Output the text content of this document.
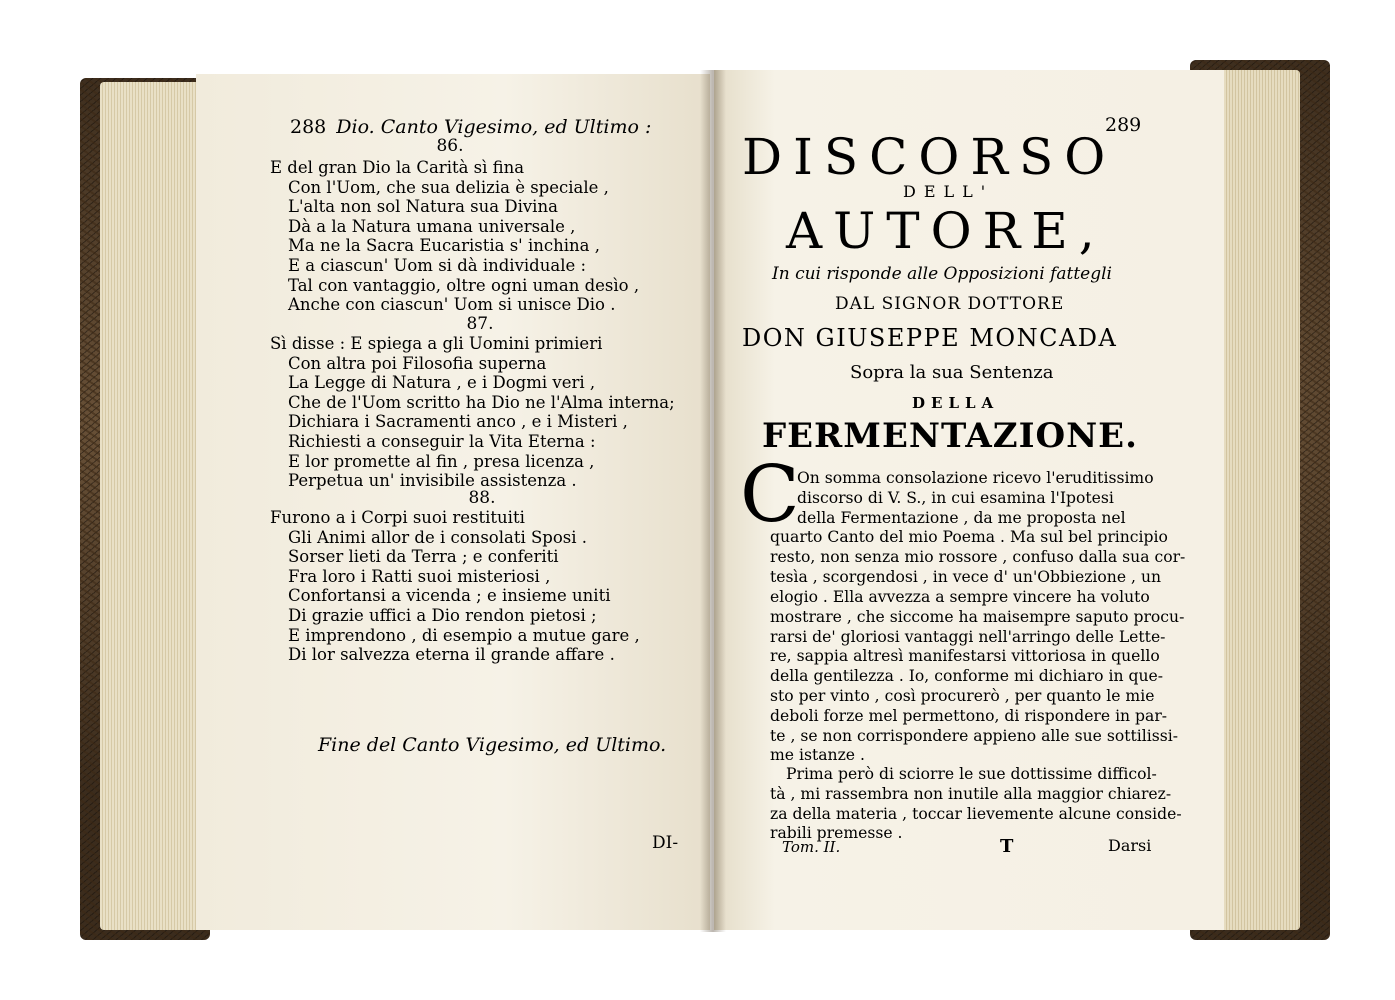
288 Dio. Canto Vigesimo, ed Ultimo :
86.
E del gran Dio la Carità sì fina
Con l'Uom, che sua delizia è speciale ,
L'alta non sol Natura sua Divina
Dà a la Natura umana universale ,
Ma ne la Sacra Eucaristia s' inchina ,
E a ciascun' Uom si dà individuale :
Tal con vantaggio, oltre ogni uman desìo ,
Anche con ciascun' Uom si unisce Dio .
87.
Sì disse : E spiega a gli Uomini primieri
Con altra poi Filosofia superna
La Legge di Natura , e i Dogmi veri ,
Che de l'Uom scritto ha Dio ne l'Alma interna;
Dichiara i Sacramenti anco , e i Misteri ,
Richiesti a conseguir la Vita Eterna :
E lor promette al fin , presa licenza ,
Perpetua un' invisibile assistenza .
88.
Furono a i Corpi suoi restituiti
Gli Animi allor de i consolati Sposi .
Sorser lieti da Terra ; e conferiti
Fra loro i Ratti suoi misteriosi ,
Confortansi a vicenda ; e insieme uniti
Di grazie uffici a Dio rendon pietosi ;
E imprendono , di esempio a mutue gare ,
Di lor salvezza eterna il grande affare .
Fine del Canto Vigesimo, ed Ultimo.
DI-
289
DISCORSO
DELL'
AUTORE,
In cui risponde alle Opposizioni fattegli
DAL SIGNOR DOTTORE
DON GIUSEPPE MONCADA
Sopra la sua Sentenza
DELLA
FERMENTAZIONE.
C
On somma consolazione ricevo l'eruditissimo
discorso di V. S., in cui esamina l'Ipotesi
della Fermentazione , da me proposta nel
quarto Canto del mio Poema . Ma sul bel principio
resto, non senza mio rossore , confuso dalla sua cor-
tesìa , scorgendosi , in vece d' un'Obbiezione , un
elogio . Ella avvezza a sempre vincere ha voluto
mostrare , che siccome ha maisempre saputo procu-
rarsi de' gloriosi vantaggi nell'arringo delle Lette-
re, sappia altresì manifestarsi vittoriosa in quello
della gentilezza . Io, conforme mi dichiaro in que-
sto per vinto , così procurerò , per quanto le mie
deboli forze mel permettono, di rispondere in par-
te , se non corrispondere appieno alle sue sottilissi-
me istanze .
Prima però di sciorre le sue dottissime difficol-
tà , mi rassembra non inutile alla maggior chiarez-
za della materia , toccar lievemente alcune conside-
rabili premesse .
Tom. II.	T	Darsi
